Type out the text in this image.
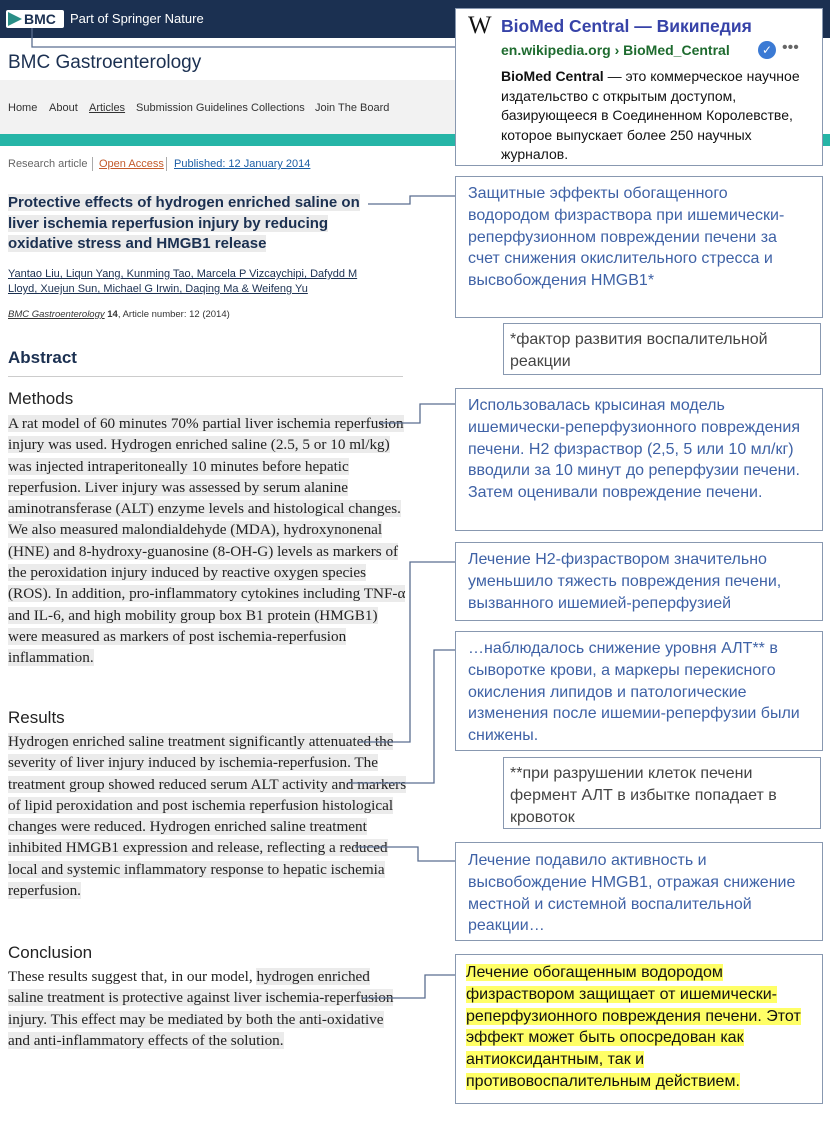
BMC Part of Springer Nature
BMC Gastroenterology
Home About Articles Submission Guidelines Collections Join The Board
Research article Open Access Published: 12 January 2014
Protective effects of hydrogen enriched saline on liver ischemia reperfusion injury by reducing oxidative stress and HMGB1 release
Yantao Liu, Liqun Yang, Kunming Tao, Marcela P Vizcaychipi, Dafydd M Lloyd, Xuejun Sun, Michael G Irwin, Daqing Ma & Weifeng Yu
BMC Gastroenterology 14, Article number: 12 (2014)
Abstract
Methods
A rat model of 60 minutes 70% partial liver ischemia reperfusion injury was used. Hydrogen enriched saline (2.5, 5 or 10 ml/kg) was injected intraperitoneally 10 minutes before hepatic reperfusion. Liver injury was assessed by serum alanine aminotransferase (ALT) enzyme levels and histological changes. We also measured malondialdehyde (MDA), hydroxynonenal (HNE) and 8-hydroxy-guanosine (8-OH-G) levels as markers of the peroxidation injury induced by reactive oxygen species (ROS). In addition, pro-inflammatory cytokines including TNF-α and IL-6, and high mobility group box B1 protein (HMGB1) were measured as markers of post ischemia-reperfusion inflammation.
Results
Hydrogen enriched saline treatment significantly attenuated the severity of liver injury induced by ischemia-reperfusion. The treatment group showed reduced serum ALT activity and markers of lipid peroxidation and post ischemia reperfusion histological changes were reduced. Hydrogen enriched saline treatment inhibited HMGB1 expression and release, reflecting a reduced local and systemic inflammatory response to hepatic ischemia reperfusion.
Conclusion
These results suggest that, in our model, hydrogen enriched saline treatment is protective against liver ischemia-reperfusion injury. This effect may be mediated by both the anti-oxidative and anti-inflammatory effects of the solution.
W BioMed Central — Википедия
en.wikipedia.org › BioMed_Central	✓ •••
BioMed Central — это коммерческое научное издательство с открытым доступом, базирующееся в Соединенном Королевстве, которое выпускает более 250 научных журналов.
Защитные эффекты обогащенного водородом физраствора при ишемически-реперфузионном повреждении печени за счет снижения окислительного стресса и высвобождения HMGB1*
*фактор развития воспалительной реакции
Использовалась крысиная модель ишемически-реперфузионного повреждения печени. H2 физраствор (2,5, 5 или 10 мл/кг) вводили за 10 минут до реперфузии печени. Затем оценивали повреждение печени.
Лечение H2-физраствором значительно уменьшило тяжесть повреждения печени, вызванного ишемией-реперфузией
…наблюдалось снижение уровня АЛТ** в сыворотке крови, а маркеры перекисного окисления липидов и патологические изменения после ишемии-реперфузии были снижены.
**при разрушении клеток печени фермент АЛТ в избытке попадает в кровоток
Лечение подавило активность и высвобождение HMGB1, отражая снижение местной и системной воспалительной реакции…
Лечение обогащенным водородом физраствором защищает от ишемически-реперфузионного повреждения печени. Этот эффект может быть опосредован как антиоксидантным, так и противовоспалительным действием.
